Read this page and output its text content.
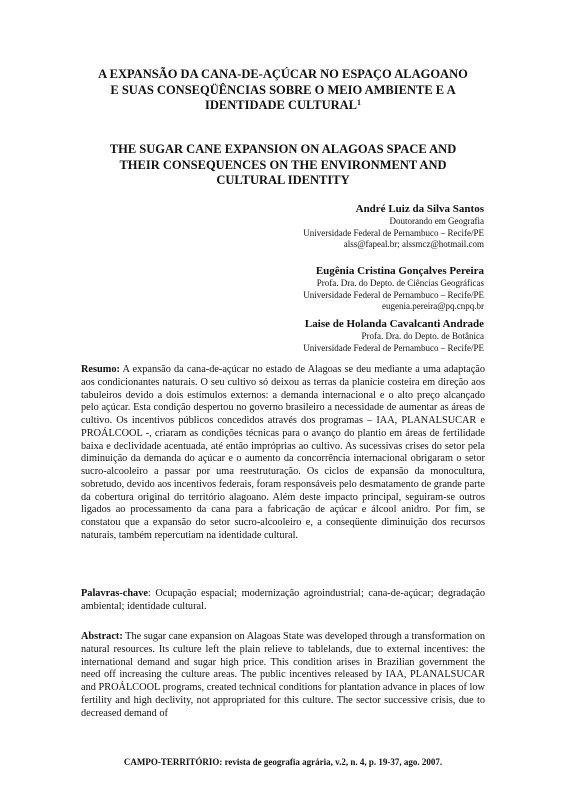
A EXPANSÃO DA CANA-DE-AÇÚCAR NO ESPAÇO ALAGOANO
E SUAS CONSEQÜÊNCIAS SOBRE O MEIO AMBIENTE E A
IDENTIDADE CULTURAL$^1$
THE SUGAR CANE EXPANSION ON ALAGOAS SPACE AND
THEIR CONSEQUENCES ON THE ENVIRONMENT AND
CULTURAL IDENTITY
André Luiz da Silva Santos
Doutorando em Geografia
Universidade Federal de Pernambuco – Recife/PE
alss@fapeal.br; alssmcz@hotmail.com
Eugênia Cristina Gonçalves Pereira
Profa. Dra. do Depto. de Ciências Geográficas
Universidade Federal de Pernambuco – Recife/PE
eugenia.pereira@pq.cnpq.br
Laise de Holanda Cavalcanti Andrade
Profa. Dra. do Depto. de Botânica
Universidade Federal de Pernambuco – Recife/PE
Resumo: A expansão da cana-de-açúcar no estado de Alagoas se deu mediante a uma adaptação aos condicionantes naturais. O seu cultivo só deixou as terras da planície costeira em direção aos tabuleiros devido a dois estímulos externos: a demanda internacional e o alto preço alcançado pelo açúcar. Esta condição despertou no governo brasileiro a necessidade de aumentar as áreas de cultivo. Os incentivos públicos concedidos através dos programas – IAA, PLANALSUCAR e PROÁLCOOL -, criaram as condições técnicas para o avanço do plantio em áreas de fertilidade baixa e declividade acentuada, até então impróprias ao cultivo. As sucessivas crises do setor pela diminuição da demanda do açúcar e o aumento da concorrência internacional obrigaram o setor sucro-alcooleiro a passar por uma reestruturação. Os ciclos de expansão da monocultura, sobretudo, devido aos incentivos federais, foram responsáveis pelo desmatamento de grande parte da cobertura original do território alagoano. Além deste impacto principal, seguiram-se outros ligados ao processamento da cana para a fabricação de açúcar e álcool anidro. Por fim, se constatou que a expansão do setor sucro-alcooleiro e, a conseqüente diminuição dos recursos naturais, também repercutiam na identidade cultural.
Palavras-chave: Ocupação espacial; modernização agroindustrial; cana-de-açúcar; degradação ambiental; identidade cultural.
Abstract: The sugar cane expansion on Alagoas State was developed through a transformation on natural resources. Its culture left the plain relieve to tablelands, due to external incentives: the international demand and sugar high price. This condition arises in Brazilian government the need off increasing the culture areas. The public incentives released by IAA, PLANALSUCAR and PROÁLCOOL programs, created technical conditions for plantation advance in places of low fertility and high declivity, not appropriated for this culture. The sector successive crisis, due to decreased demand of
CAMPO-TERRITÓRIO: revista de geografia agrária, v.2, n. 4, p. 19-37, ago. 2007.
